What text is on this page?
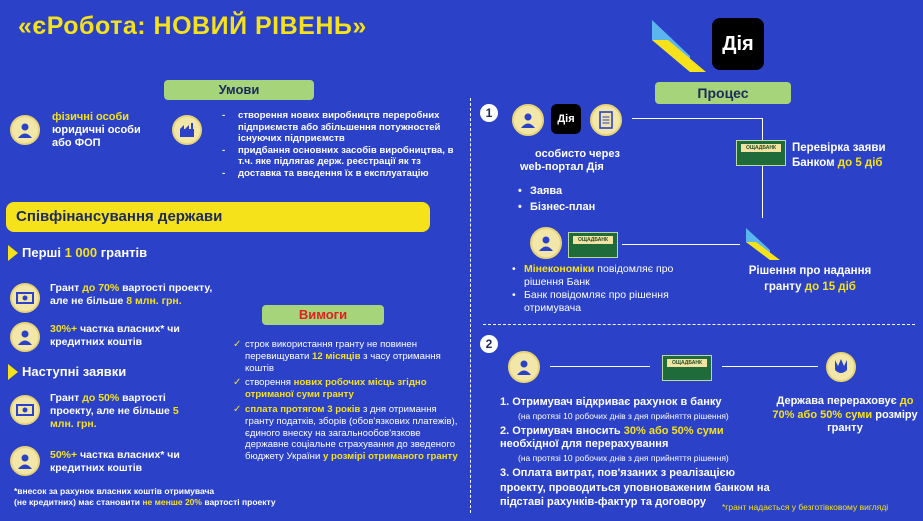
«єРобота: НОВИЙ РІВЕНЬ»
Дія
Умови
фізичні особи
юридичні особи
або ФОП
- створення нових виробництв переробних підприємств або збільшення потужностей існуючих підприємств
- придбання основних засобів виробництва, в т.ч. яке підлягає держ. реєстрації як тз
- доставка та введення їх в експлуатацію
Співфінансування держави
Перші 1 000 грантів
Грант до 70% вартості проекту, але не більше 8 млн. грн.
30%+ частка власних* чи кредитних коштів
Наступні заявки
Грант до 50% вартості проекту, але не більше 5 млн. грн.
50%+ частка власних* чи кредитних коштів
*внесок за рахунок власних коштів отримувача
(не кредитних) має становити не менше 20% вартості проекту
Вимоги
✓ строк використання гранту не повинен перевищувати 12 місяців з часу отримання коштів
✓ створення нових робочих місць згідно отриманої суми гранту
✓ сплата протягом 3 років з дня отримання гранту податків, зборів (обов'язкових платежів), єдиного внеску на загальнообов'язкове державне соціальне страхування до зведеного бюджету України у розмірі отриманого гранту
Процес
1	Дія
особисто через
web-портал Дія
• Заява
• Бізнес-план
ОЩАДБАНК	Перевірка заяви Банком до 5 діб
Рішення про надання гранту до 15 діб
ОЩАДБАНК
• Мінекономіки повідомляє про рішення Банк
• Банк повідомляє про рішення отримувача
2
ОЩАДБАНК
1. Отримувач відкриває рахунок в банку
(на протязі 10 робочих днів з дня прийняття рішення)
2. Отримувач вносить 30% або 50% суми необхідної для перерахування
(на протязі 10 робочих днів з дня прийняття рішення)
3. Оплата витрат, пов'язаних з реалізацією проекту, проводиться уповноваженим банком на підставі рахунків-фактур та договору
Держава перераховує до 70% або 50% суми розміру гранту
*грант надається у безготівковому вигляді
